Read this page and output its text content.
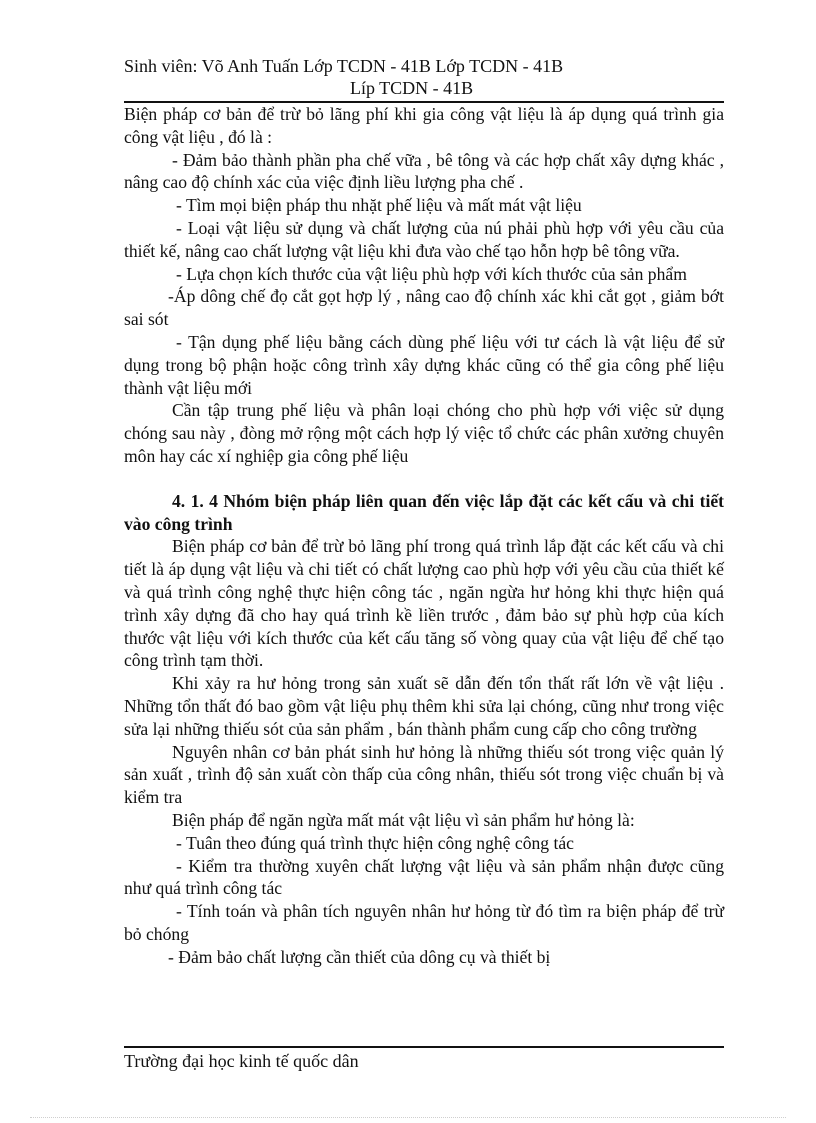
Sinh viên: Võ Anh Tuấn Lớp TCDN - 41B Lớp TCDN - 41B
Líp TCDN - 41B

Biện pháp cơ bản để trừ bỏ lãng phí khi gia công vật liệu là áp dụng quá trình gia công vật liệu , đó là :

- Đảm bảo thành phần pha chế vữa , bê tông và các hợp chất xây dựng khác , nâng cao độ chính xác của việc định liều lượng pha chế .

- Tìm mọi biện pháp thu nhặt phế liệu và mất mát vật liệu

- Loại vật liệu sử dụng và chất lượng của nú phải phù hợp với yêu cầu của thiết kế, nâng cao chất lượng vật liệu khi đưa vào chế tạo hỗn hợp bê tông vữa.

- Lựa chọn kích thước của vật liệu phù hợp với kích thước của sản phẩm

-Áp dông chế đọ cắt gọt hợp lý , nâng cao độ chính xác khi cắt gọt , giảm bớt sai sót

- Tận dụng phế liệu bằng cách dùng phế liệu với tư cách là vật liệu để sử dụng trong bộ phận hoặc công trình xây dựng khác cũng có thể gia công phế liệu thành vật liệu mới

Cần tập trung phế liệu và phân loại chóng cho phù hợp với việc sử dụng chóng sau này , đòng mở rộng một cách hợp lý việc tổ chức các phân xưởng chuyên môn hay các xí nghiệp gia công phế liệu

4. 1. 4 Nhóm biện pháp liên quan đến việc lắp đặt các kết cấu và chi tiết vào công trình

Biện pháp cơ bản để trừ bỏ lãng phí trong quá trình lắp đặt các kết cấu và chi tiết là áp dụng vật liệu và chi tiết có chất lượng cao phù hợp với yêu cầu của thiết kế và quá trình công nghệ thực hiện công tác , ngăn ngừa hư hỏng khi thực hiện quá trình xây dựng đã cho hay quá trình kề liền trước , đảm bảo sự phù hợp của kích thước vật liệu với kích thước của kết cấu tăng số vòng quay của vật liệu để chế tạo công trình tạm thời.

Khi xảy ra hư hỏng trong sản xuất sẽ dẫn đến tổn thất rất lớn về vật liệu . Những tổn thất đó bao gồm vật liệu phụ thêm khi sửa lại chóng, cũng như trong việc sửa lại những thiếu sót của sản phẩm , bán thành phẩm cung cấp cho công trường

Nguyên nhân cơ bản phát sinh hư hỏng là những thiếu sót trong việc quản lý sản xuất , trình độ sản xuất còn thấp của công nhân, thiếu sót trong việc chuẩn bị và kiểm tra

Biện pháp để ngăn ngừa mất mát vật liệu vì sản phẩm hư hỏng là:

- Tuân theo đúng quá trình thực hiện công nghệ công tác

- Kiểm tra thường xuyên chất lượng vật liệu và sản phẩm nhận được cũng như quá trình công tác

- Tính toán và phân tích nguyên nhân hư hỏng từ đó tìm ra biện pháp để trừ bỏ chóng

- Đảm bảo chất lượng cần thiết của dông cụ và thiết bị

Trường đại học kinh tế quốc dân
